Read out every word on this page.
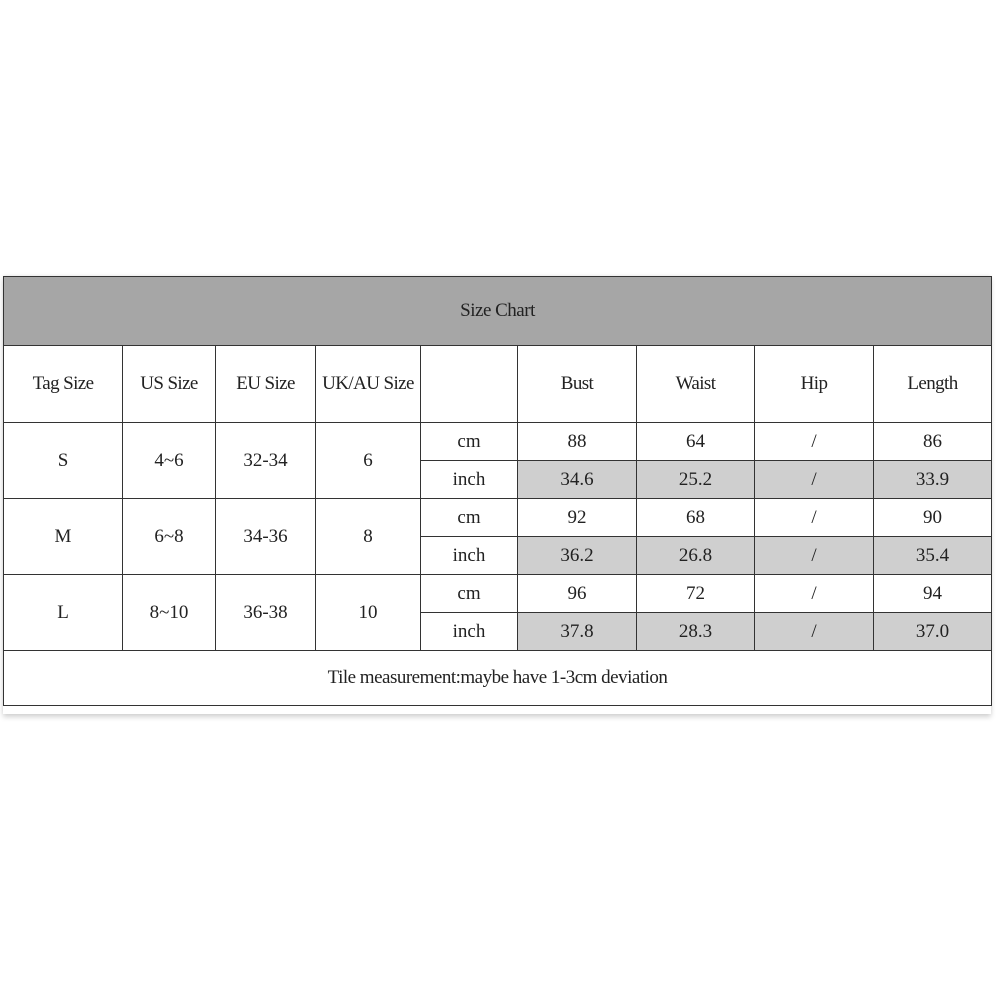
Size Chart								
Tag Size	US Size	EU Size	UK/AU Size		Bust	Waist	Hip	Length
S	4~6	32-34	6	cm	88	64	/	86
				inch	34.6	25.2	/	33.9
M	6~8	34-36	8	cm	92	68	/	90
				inch	36.2	26.8	/	35.4
L	8~10	36-38	10	cm	96	72	/	94
				inch	37.8	28.3	/	37.0
Tile measurement:maybe have 1-3cm deviation								
